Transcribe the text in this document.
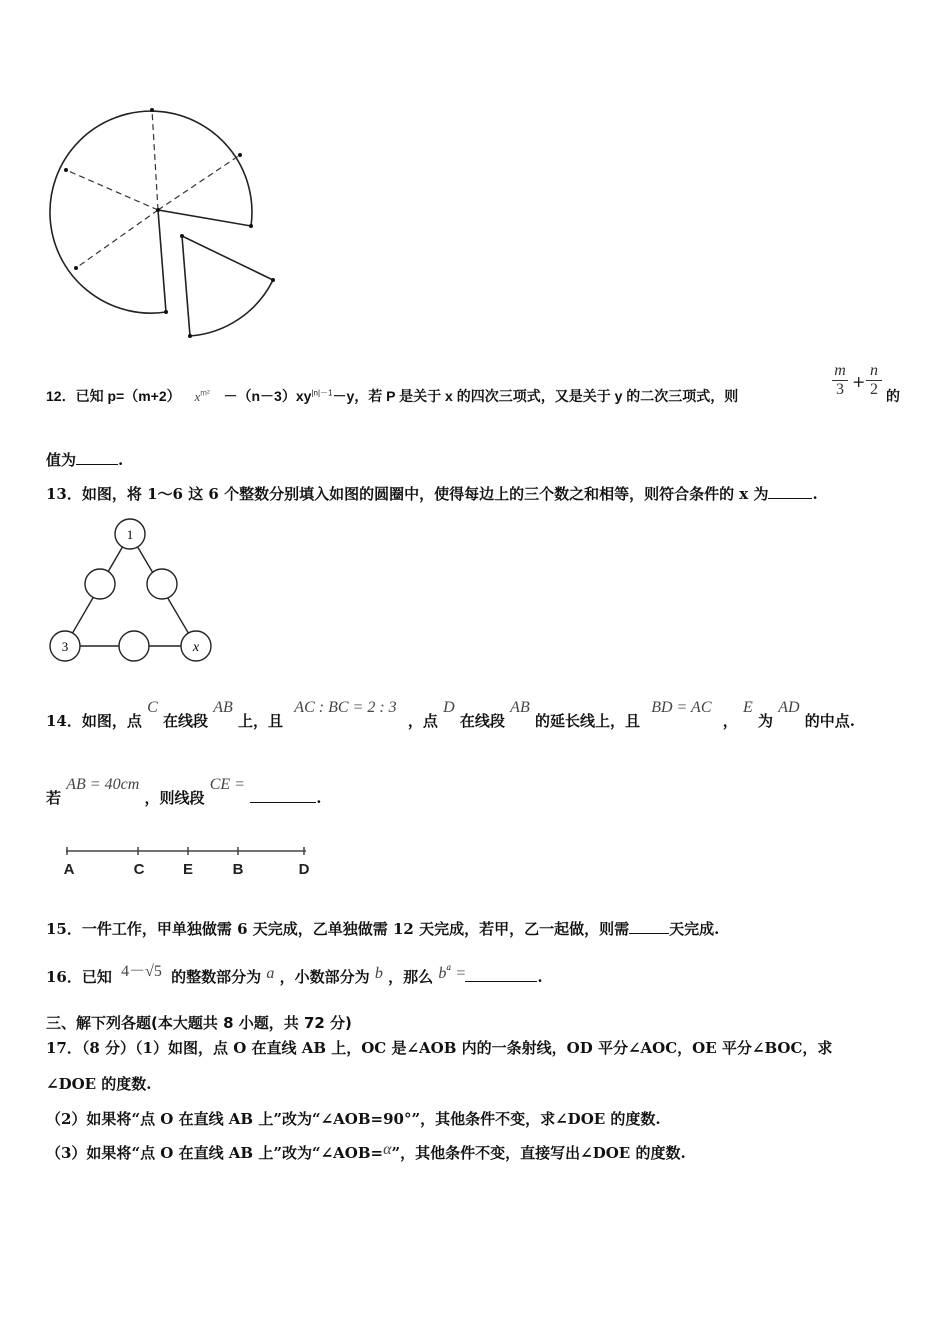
12．已知 p=（m+2） $x^{m^2} -(n-3)xy^{|n|-1}-y$，若 P 是关于 x 的四次三项式，又是关于 y 的二次三项式，则	$\frac{m}{3} + \frac{n}{2}$ 的
值为	.
13．如图，将 1～6 这 6 个整数分别填入如图的圆圈中，使得每边上的三个数之和相等，则符合条件的 x 为	.
1
3	x
14．如图，点 C 在线段 AB 上，且 AC : BC = 2 : 3 ，点 D 在线段 AB 的延长线上，且 BD = AC ， E 为 AD 的中点.
若 AB = 40cm ，则线段 CE = .
A	C	E	B	D
15．一件工作，甲单独做需 6 天完成，乙单独做需 12 天完成，若甲，乙一起做，则需	天完成.
16．已知 4－√5 的整数部分为 a ，小数部分为 b ，那么 $b^a$ =	.
三、解下列各题(本大题共 8 小题，共 72 分)
17．（8 分）（1）如图，点 O 在直线 AB 上，OC 是∠AOB 内的一条射线，OD 平分∠AOC，OE 平分∠BOC，求
∠DOE 的度数.
（2）如果将“点 O 在直线 AB 上”改为“∠AOB=90°”，其他条件不变，求∠DOE 的度数.
（3）如果将“点 O 在直线 AB 上”改为“∠AOB=α”，其他条件不变，直接写出∠DOE 的度数.
